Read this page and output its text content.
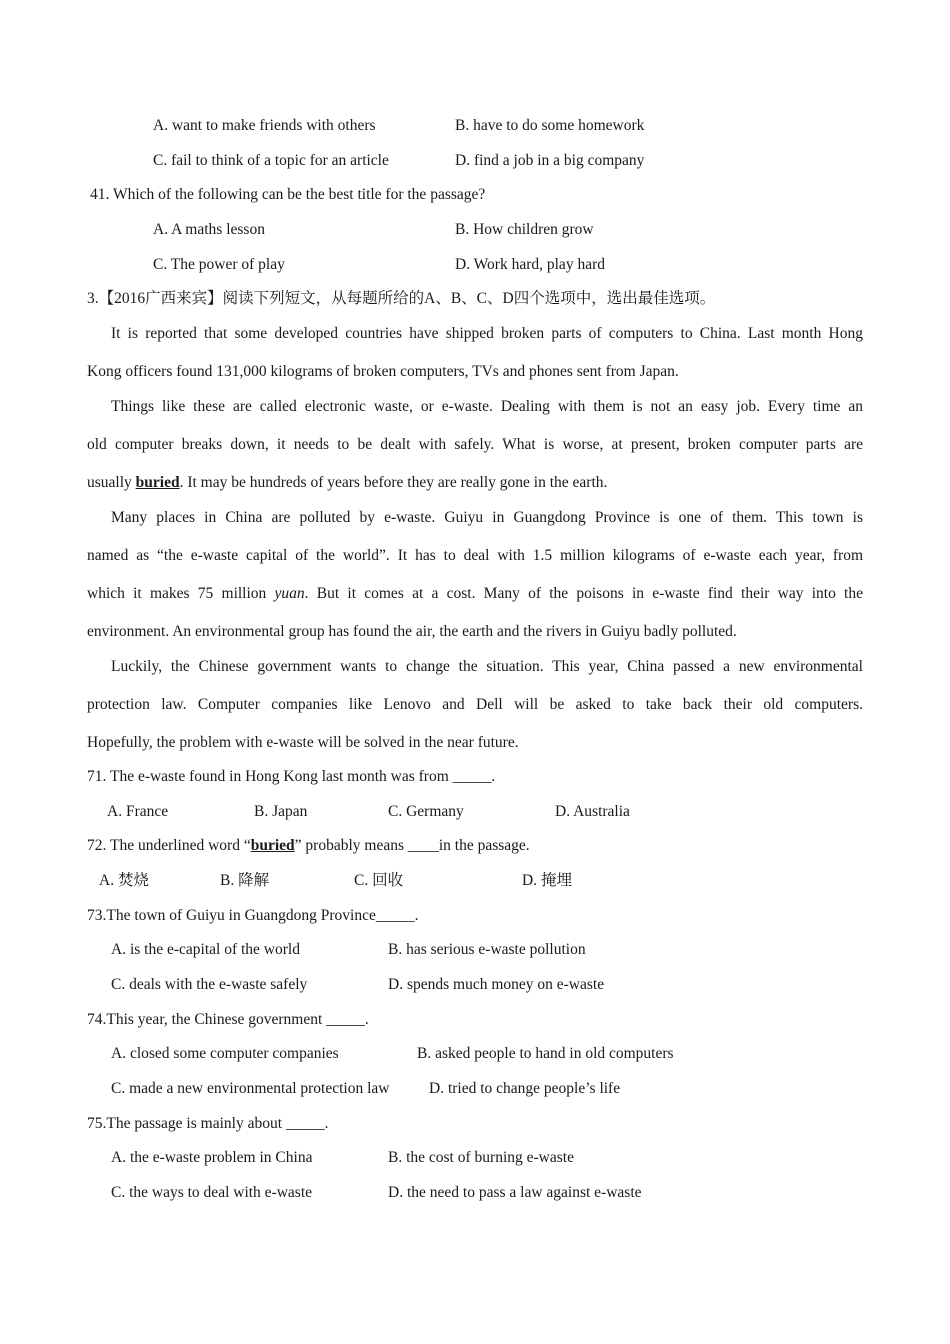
A. want to make friends with others	B. have to do some homework
C. fail to think of a topic for an article	D. find a job in a big company
41. Which of the following can be the best title for the passage?
A. A maths lesson	B. How children grow
C. The power of play	D. Work hard, play hard
3.【2016广西来宾】阅读下列短文，从每题所给的A、B、C、D四个选项中，选出最佳选项。
It is reported that some developed countries have shipped broken parts of computers to China. Last month Hong
Kong officers found 131,000 kilograms of broken computers, TVs and phones sent from Japan.
Things like these are called electronic waste, or e-waste. Dealing with them is not an easy job. Every time an
old computer breaks down, it needs to be dealt with safely. What is worse, at present, broken computer parts are
usually buried. It may be hundreds of years before they are really gone in the earth.
Many places in China are polluted by e-waste. Guiyu in Guangdong Province is one of them. This town is
named as “the e-waste capital of the world”. It has to deal with 1.5 million kilograms of e-waste each year, from
which it makes 75 million yuan. But it comes at a cost. Many of the poisons in e-waste find their way into the
environment. An environmental group has found the air, the earth and the rivers in Guiyu badly polluted.
Luckily, the Chinese government wants to change the situation. This year, China passed a new environmental
protection law. Computer companies like Lenovo and Dell will be asked to take back their old computers.
Hopefully, the problem with e-waste will be solved in the near future.
71. The e-waste found in Hong Kong last month was from _____.
A. France	B. Japan	C. Germany	D. Australia
72. The underlined word “buried” probably means ____in the passage.
A. 焚烧	B. 降解	C. 回收	D. 掩埋
73.The town of Guiyu in Guangdong Province_____.
A. is the e-capital of the world	B. has serious e-waste pollution
C. deals with the e-waste safely	D. spends much money on e-waste
74.This year, the Chinese government _____.
A. closed some computer companies	B. asked people to hand in old computers
C. made a new environmental protection law	D. tried to change people’s life
75.The passage is mainly about _____.
A. the e-waste problem in China	B. the cost of burning e-waste
C. the ways to deal with e-waste	D. the need to pass a law against e-waste
